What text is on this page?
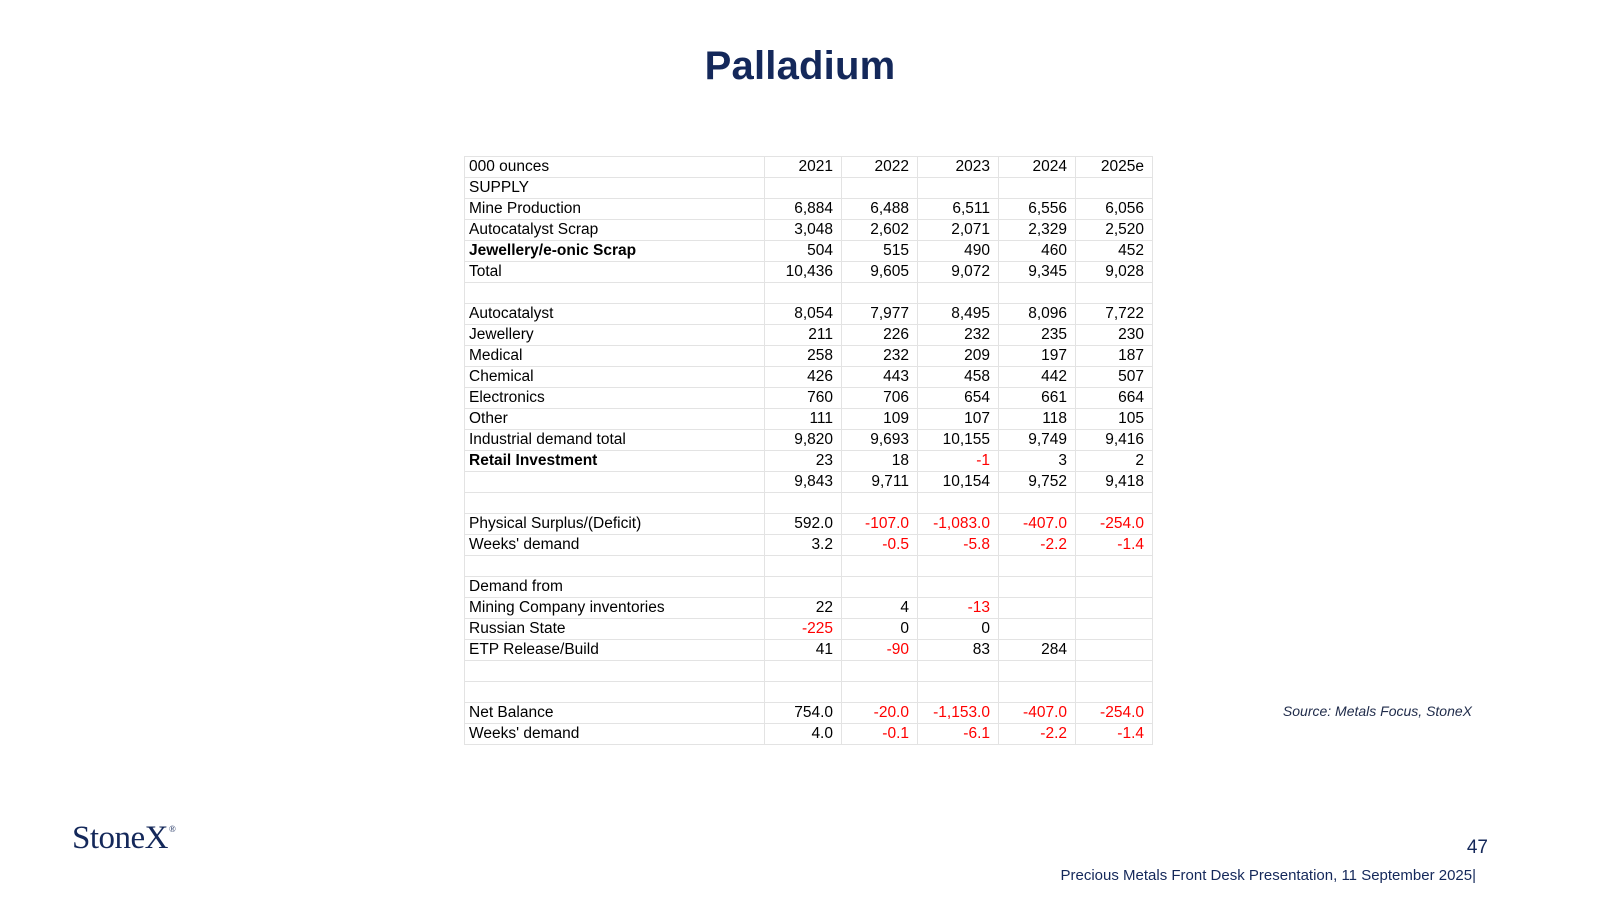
Palladium
000 ounces	2021	2022	2023	2024	2025e
SUPPLY					
Mine Production	6,884	6,488	6,511	6,556	6,056
Autocatalyst Scrap	3,048	2,602	2,071	2,329	2,520
Jewellery/e-onic Scrap	504	515	490	460	452
Total	10,436	9,605	9,072	9,345	9,028

Autocatalyst	8,054	7,977	8,495	8,096	7,722
Jewellery	211	226	232	235	230
Medical	258	232	209	197	187
Chemical	426	443	458	442	507
Electronics	760	706	654	661	664
Other	111	109	107	118	105
Industrial demand total	9,820	9,693	10,155	9,749	9,416
Retail Investment	23	18	-1	3	2
	9,843	9,711	10,154	9,752	9,418

Physical Surplus/(Deficit)	592.0	-107.0	-1,083.0	-407.0	-254.0
Weeks' demand	3.2	-0.5	-5.8	-2.2	-1.4

Demand from					
Mining Company inventories	22	4	-13		
Russian State	-225	0	0		
ETP Release/Build	41	-90	83	284	

Net Balance	754.0	-20.0	-1,153.0	-407.0	-254.0
Weeks' demand	4.0	-0.1	-6.1	-2.2	-1.4
Source: Metals Focus, StoneX
StoneX®
47
Precious Metals Front Desk Presentation, 11 September 2025|
